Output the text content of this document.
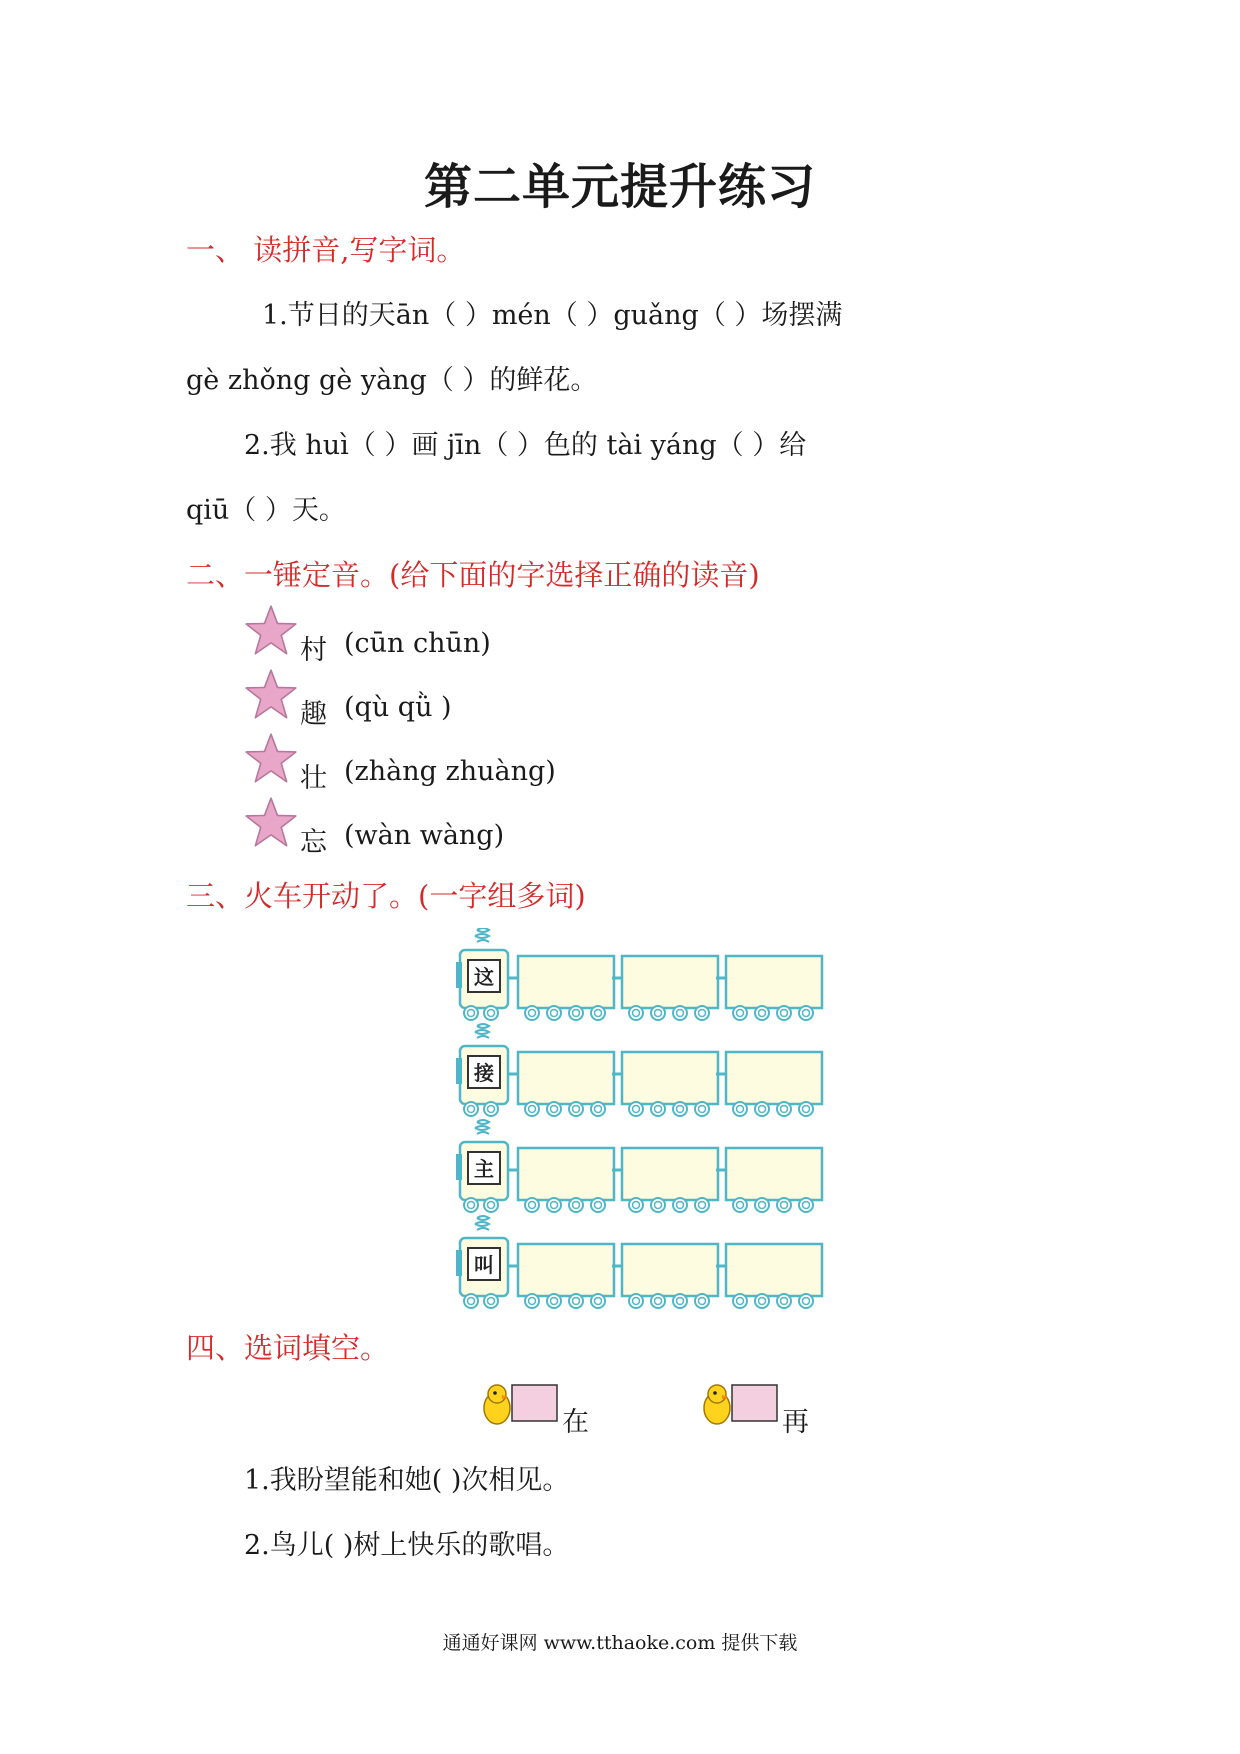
第二单元提升练习
一、 读拼音,写字词。
1.节日的天ān（ ）mén（ ）guǎng（ ）场摆满
gè zhǒng gè yàng（ ）的鲜花。
2.我 huì（ ）画 jīn（ ）色的 tài yáng（ ）给
qiū（ ）天。
二、一锤定音。(给下面的字选择正确的读音)
村 (cūn chūn)
趣 (qù qǜ )
壮 (zhàng zhuàng)
忘 (wàn wàng)
三、火车开动了。(一字组多词)
这
接
主
叫
四、选词填空。
在	再
1.我盼望能和她( )次相见。
2.鸟儿( )树上快乐的歌唱。
通通好课网 www.tthaoke.com 提供下载
